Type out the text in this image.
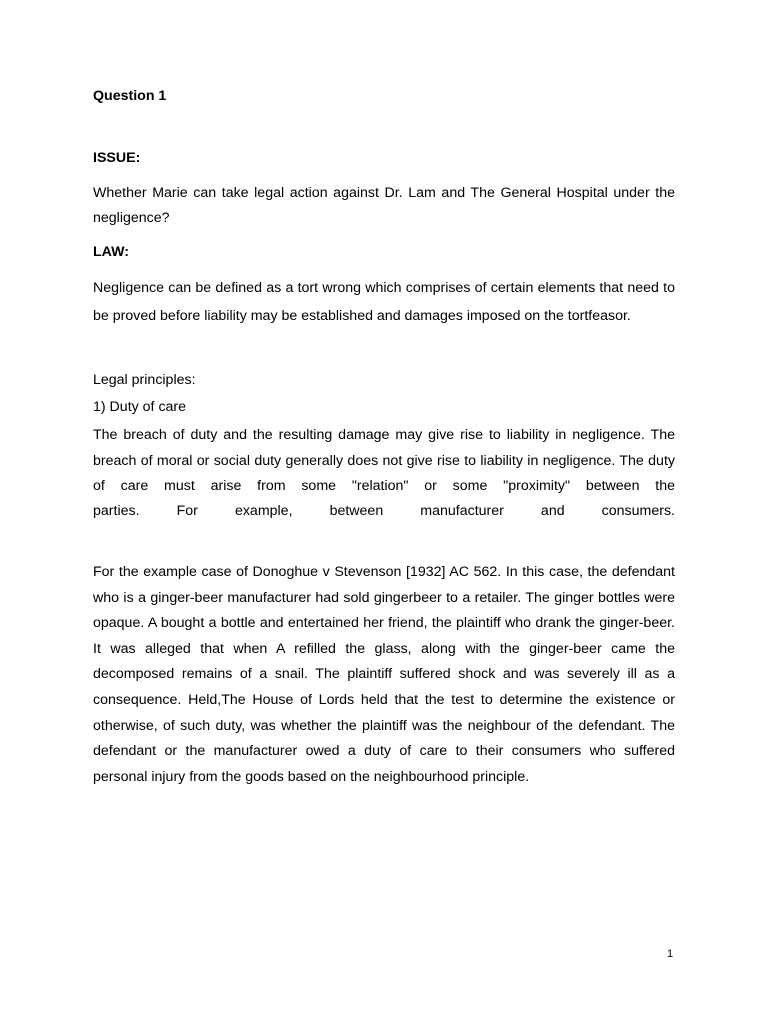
Question 1

ISSUE:

Whether Marie can take legal action against Dr. Lam and The General Hospital under the negligence?

LAW:

Negligence can be defined as a tort wrong which comprises of certain elements that need to be proved before liability may be established and damages imposed on the tortfeasor.

Legal principles:

1) Duty of care

The breach of duty and the resulting damage may give rise to liability in negligence. The breach of moral or social duty generally does not give rise to liability in negligence. The duty of care must arise from some "relation" or some "proximity" between the

parties. For example, between manufacturer and consumers.

For the example case of Donoghue v Stevenson [1932] AC 562. In this case, the defendant who is a ginger-beer manufacturer had sold gingerbeer to a retailer. The ginger bottles were opaque. A bought a bottle and entertained her friend, the plaintiff who drank the ginger-beer. It was alleged that when A refilled the glass, along with the ginger-beer came the decomposed remains of a snail. The plaintiff suffered shock and was severely ill as a consequence. Held,The House of Lords held that the test to determine the existence or otherwise, of such duty, was whether the plaintiff was the neighbour of the defendant. The defendant or the manufacturer owed a duty of care to their consumers who suffered personal injury from the goods based on the neighbourhood principle.

1
